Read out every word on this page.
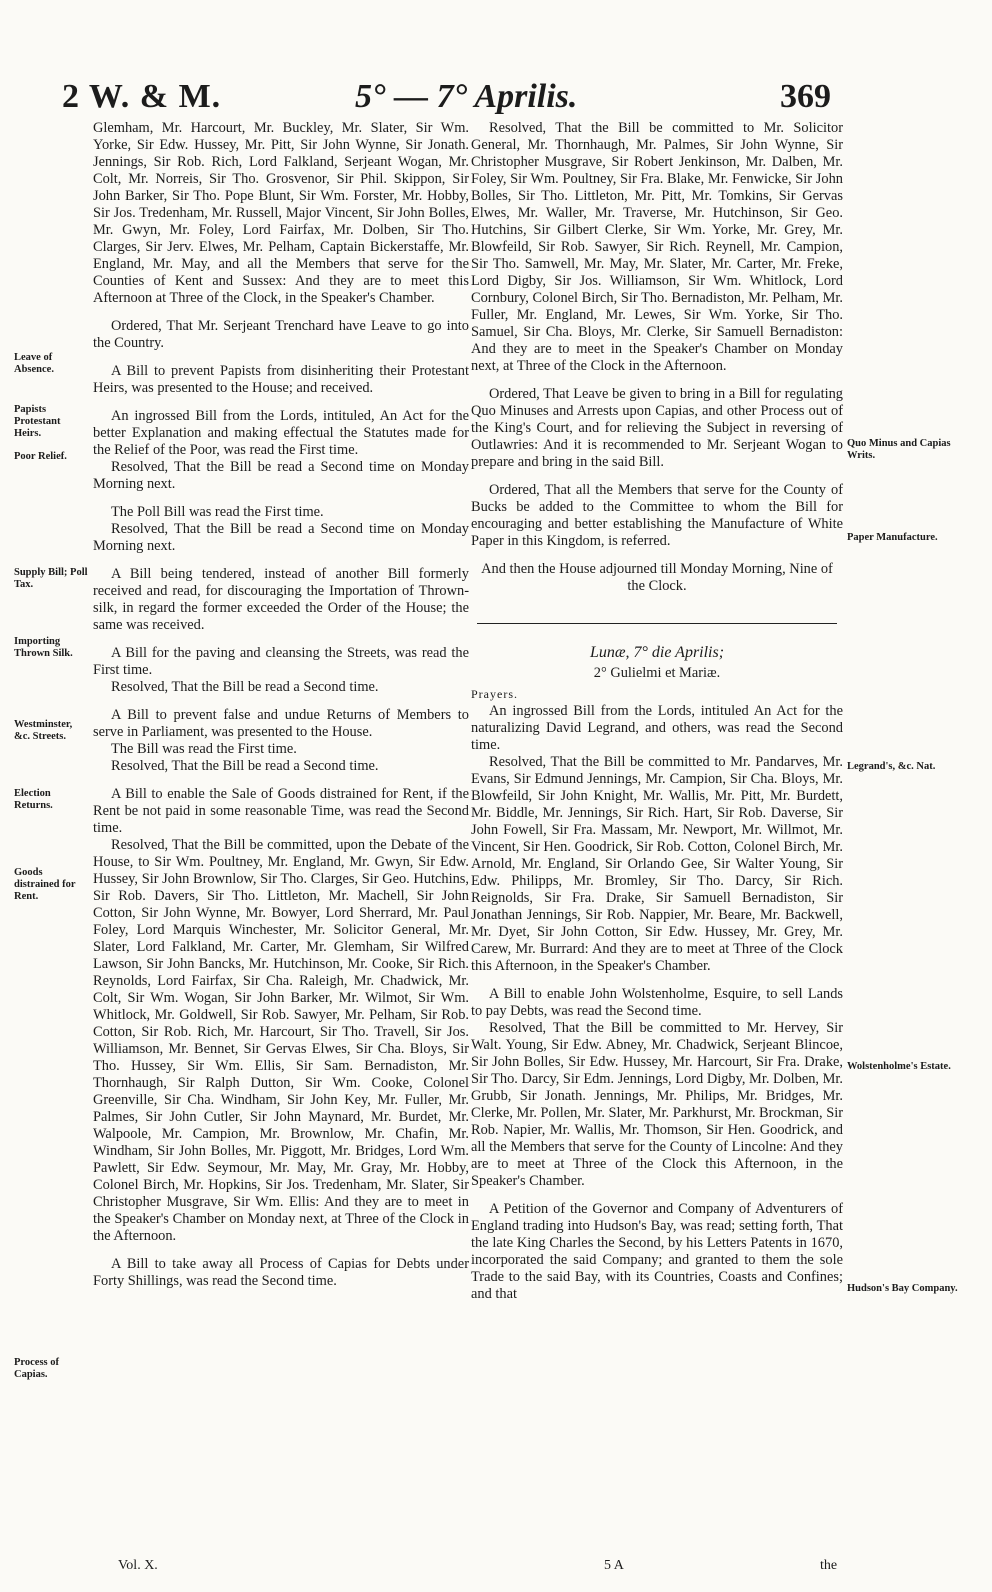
2 W. & M.	5° — 7° Aprilis.	369

Glemham, Mr. Harcourt, Mr. Buckley, Mr. Slater, Sir Wm. Yorke, Sir Edw. Hussey, Mr. Pitt, Sir John Wynne, Sir Jonath. Jennings, Sir Rob. Rich, Lord Falkland, Serjeant Wogan, Mr. Colt, Mr. Norreis, Sir Tho. Grosvenor, Sir Phil. Skippon, Sir John Barker, Sir Tho. Pope Blunt, Sir Wm. Forster, Mr. Hobby, Sir Jos. Tredenham, Mr. Russell, Major Vincent, Sir John Bolles, Mr. Gwyn, Mr. Foley, Lord Fairfax, Mr. Dolben, Sir Tho. Clarges, Sir Jerv. Elwes, Mr. Pelham, Captain Bickerstaffe, Mr. England, Mr. May, and all the Members that serve for the Counties of Kent and Sussex: And they are to meet this Afternoon at Three of the Clock, in the Speaker's Chamber.

Ordered, That Mr. Serjeant Trenchard have Leave to go into the Country.

A Bill to prevent Papists from disinheriting their Protestant Heirs, was presented to the House; and received.

An ingrossed Bill from the Lords, intituled, An Act for the better Explanation and making effectual the Statutes made for the Relief of the Poor, was read the First time.

Resolved, That the Bill be read a Second time on Monday Morning next.

The Poll Bill was read the First time.

Resolved, That the Bill be read a Second time on Monday Morning next.

A Bill being tendered, instead of another Bill formerly received and read, for discouraging the Importation of Thrown-silk, in regard the former exceeded the Order of the House; the same was received.

A Bill for the paving and cleansing the Streets, was read the First time.

Resolved, That the Bill be read a Second time.

A Bill to prevent false and undue Returns of Members to serve in Parliament, was presented to the House.

The Bill was read the First time.

Resolved, That the Bill be read a Second time.

A Bill to enable the Sale of Goods distrained for Rent, if the Rent be not paid in some reasonable Time, was read the Second time.

Resolved, That the Bill be committed, upon the Debate of the House, to Sir Wm. Poultney, Mr. England, Mr. Gwyn, Sir Edw. Hussey, Sir John Brownlow, Sir Tho. Clarges, Sir Geo. Hutchins, Sir Rob. Davers, Sir Tho. Littleton, Mr. Machell, Sir John Cotton, Sir John Wynne, Mr. Bowyer, Lord Sherrard, Mr. Paul Foley, Lord Marquis Winchester, Mr. Solicitor General, Mr. Slater, Lord Falkland, Mr. Carter, Mr. Glemham, Sir Wilfred Lawson, Sir John Bancks, Mr. Hutchinson, Mr. Cooke, Sir Rich. Reynolds, Lord Fairfax, Sir Cha. Raleigh, Mr. Chadwick, Mr. Colt, Sir Wm. Wogan, Sir John Barker, Mr. Wilmot, Sir Wm. Whitlock, Mr. Goldwell, Sir Rob. Sawyer, Mr. Pelham, Sir Rob. Cotton, Sir Rob. Rich, Mr. Harcourt, Sir Tho. Travell, Sir Jos. Williamson, Mr. Bennet, Sir Gervas Elwes, Sir Cha. Bloys, Sir Tho. Hussey, Sir Wm. Ellis, Sir Sam. Bernadiston, Mr. Thornhaugh, Sir Ralph Dutton, Sir Wm. Cooke, Colonel Greenville, Sir Cha. Windham, Sir John Key, Mr. Fuller, Mr. Palmes, Sir John Cutler, Sir John Maynard, Mr. Burdet, Mr. Walpoole, Mr. Campion, Mr. Brownlow, Mr. Chafin, Mr. Windham, Sir John Bolles, Mr. Piggott, Mr. Bridges, Lord Wm. Pawlett, Sir Edw. Seymour, Mr. May, Mr. Gray, Mr. Hobby, Colonel Birch, Mr. Hopkins, Sir Jos. Tredenham, Mr. Slater, Sir Christopher Musgrave, Sir Wm. Ellis: And they are to meet in the Speaker's Chamber on Monday next, at Three of the Clock in the Afternoon.

A Bill to take away all Process of Capias for Debts under Forty Shillings, was read the Second time.

Leave of Absence.
Papists Protestant Heirs.
Poor Relief.
Supply Bill; Poll Tax.
Importing Thrown Silk.
Westminster, &c. Streets.
Election Returns.
Goods distrained for Rent.
Process of Capias.

Resolved, That the Bill be committed to Mr. Solicitor General, Mr. Thornhaugh, Mr. Palmes, Sir John Wynne, Sir Christopher Musgrave, Sir Robert Jenkinson, Mr. Dalben, Mr. Foley, Sir Wm. Poultney, Sir Fra. Blake, Mr. Fenwicke, Sir John Bolles, Sir Tho. Littleton, Mr. Pitt, Mr. Tomkins, Sir Gervas Elwes, Mr. Waller, Mr. Traverse, Mr. Hutchinson, Sir Geo. Hutchins, Sir Gilbert Clerke, Sir Wm. Yorke, Mr. Grey, Mr. Blowfeild, Sir Rob. Sawyer, Sir Rich. Reynell, Mr. Campion, Sir Tho. Samwell, Mr. May, Mr. Slater, Mr. Carter, Mr. Freke, Lord Digby, Sir Jos. Williamson, Sir Wm. Whitlock, Lord Cornbury, Colonel Birch, Sir Tho. Bernadiston, Mr. Pelham, Mr. Fuller, Mr. England, Mr. Lewes, Sir Wm. Yorke, Sir Tho. Samuel, Sir Cha. Bloys, Mr. Clerke, Sir Samuell Bernadiston: And they are to meet in the Speaker's Chamber on Monday next, at Three of the Clock in the Afternoon.

Ordered, That Leave be given to bring in a Bill for regulating Quo Minuses and Arrests upon Capias, and other Process out of the King's Court, and for relieving the Subject in reversing of Outlawries: And it is recommended to Mr. Serjeant Wogan to prepare and bring in the said Bill.

Ordered, That all the Members that serve for the County of Bucks be added to the Committee to whom the Bill for encouraging and better establishing the Manufacture of White Paper in this Kingdom, is referred.

And then the House adjourned till Monday Morning, Nine of the Clock.

Lunæ, 7° die Aprilis;

2° Gulielmi et Mariæ.

Prayers.

An ingrossed Bill from the Lords, intituled An Act for the naturalizing David Legrand, and others, was read the Second time.

Resolved, That the Bill be committed to Mr. Pandarves, Mr. Evans, Sir Edmund Jennings, Mr. Campion, Sir Cha. Bloys, Mr. Blowfeild, Sir John Knight, Mr. Wallis, Mr. Pitt, Mr. Burdett, Mr. Biddle, Mr. Jennings, Sir Rich. Hart, Sir Rob. Daverse, Sir John Fowell, Sir Fra. Massam, Mr. Newport, Mr. Willmot, Mr. Vincent, Sir Hen. Goodrick, Sir Rob. Cotton, Colonel Birch, Mr. Arnold, Mr. England, Sir Orlando Gee, Sir Walter Young, Sir Edw. Philipps, Mr. Bromley, Sir Tho. Darcy, Sir Rich. Reignolds, Sir Fra. Drake, Sir Samuell Bernadiston, Sir Jonathan Jennings, Sir Rob. Nappier, Mr. Beare, Mr. Backwell, Mr. Dyet, Sir John Cotton, Sir Edw. Hussey, Mr. Grey, Mr. Carew, Mr. Burrard: And they are to meet at Three of the Clock this Afternoon, in the Speaker's Chamber.

A Bill to enable John Wolstenholme, Esquire, to sell Lands to pay Debts, was read the Second time.

Resolved, That the Bill be committed to Mr. Hervey, Sir Walt. Young, Sir Edw. Abney, Mr. Chadwick, Serjeant Blincoe, Sir John Bolles, Sir Edw. Hussey, Mr. Harcourt, Sir Fra. Drake, Sir Tho. Darcy, Sir Edm. Jennings, Lord Digby, Mr. Dolben, Mr. Grubb, Sir Jonath. Jennings, Mr. Philips, Mr. Bridges, Mr. Clerke, Mr. Pollen, Mr. Slater, Mr. Parkhurst, Mr. Brockman, Sir Rob. Napier, Mr. Wallis, Mr. Thomson, Sir Hen. Goodrick, and all the Members that serve for the County of Lincolne: And they are to meet at Three of the Clock this Afternoon, in the Speaker's Chamber.

A Petition of the Governor and Company of Adventurers of England trading into Hudson's Bay, was read; setting forth, That the late King Charles the Second, by his Letters Patents in 1670, incorporated the said Company; and granted to them the sole Trade to the said Bay, with its Countries, Coasts and Confines; and that

Quo Minus and Capias Writs.
Paper Manufacture.
Legrand's, &c. Nat.
Wolstenholme's Estate.
Hudson's Bay Company.
Vol. X.	5 A	the
